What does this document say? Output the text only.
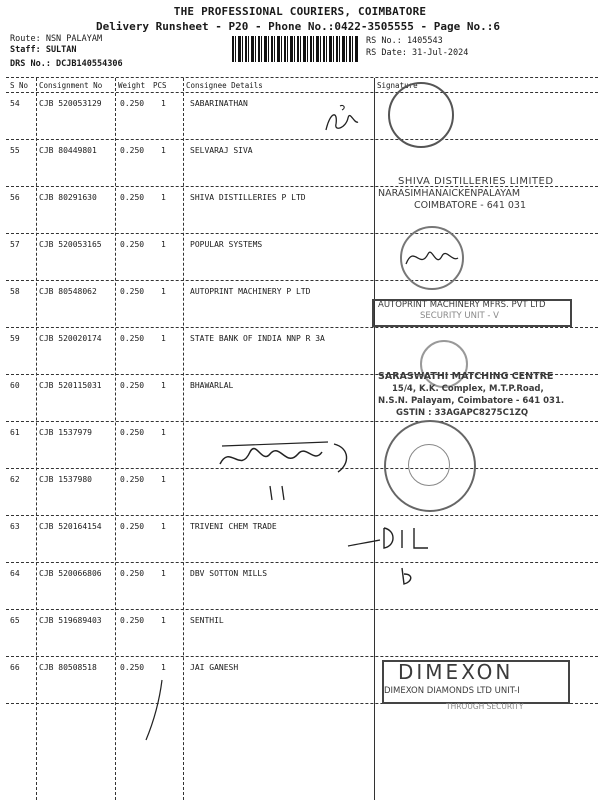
THE PROFESSIONAL COURIERS, COIMBATORE
Delivery Runsheet - P20 - Phone No.:0422-3505555 - Page No.:6
Route: NSN PALAYAM
Staff: SULTAN
DRS No.: DCJB140554306
RS No.: 1405543
RS Date: 31-Jul-2024
S No Consignment No Weight PCS	Consignee Details	Signature
54 CJB 520053129 0.250 1	SABARINATHAN
55 CJB 80449801	0.250 1	SELVARAJ SIVA
56 CJB 80291630	0.250 1	SHIVA DISTILLERIES P LTD
57 CJB 520053165 0.250 1	POPULAR SYSTEMS
58 CJB 80548062	0.250 1	AUTOPRINT MACHINERY P LTD
59 CJB 520020174 0.250 1	STATE BANK OF INDIA NNP R 3A
60 CJB 520115031 0.250 1	BHAWARLAL
61 CJB 1537979	0.250 1
62 CJB 1537980	0.250 1
63 CJB 520164154 0.250 1	TRIVENI CHEM TRADE
64 CJB 520066806 0.250 1	DBV SOTTON MILLS
65 CJB 519689403 0.250 1	SENTHIL
66 CJB 80508518	0.250 1	JAI GANESH
SHIVA DISTILLERIES LIMITED
NARASIMHANAICKENPALAYAM
COIMBATORE - 641 031
AUTOPRINT MACHINERY MFRS. PVT LTD
SECURITY UNIT - V
SARASWATHI MATCHING CENTRE
15/4, K.K. Complex, M.T.P.Road,
N.S.N. Palayam, Coimbatore - 641 031.
GSTIN : 33AGAPC8275C1ZQ
DIMEXON
DIMEXON DIAMONDS LTD UNIT-I
THROUGH SECURITY
